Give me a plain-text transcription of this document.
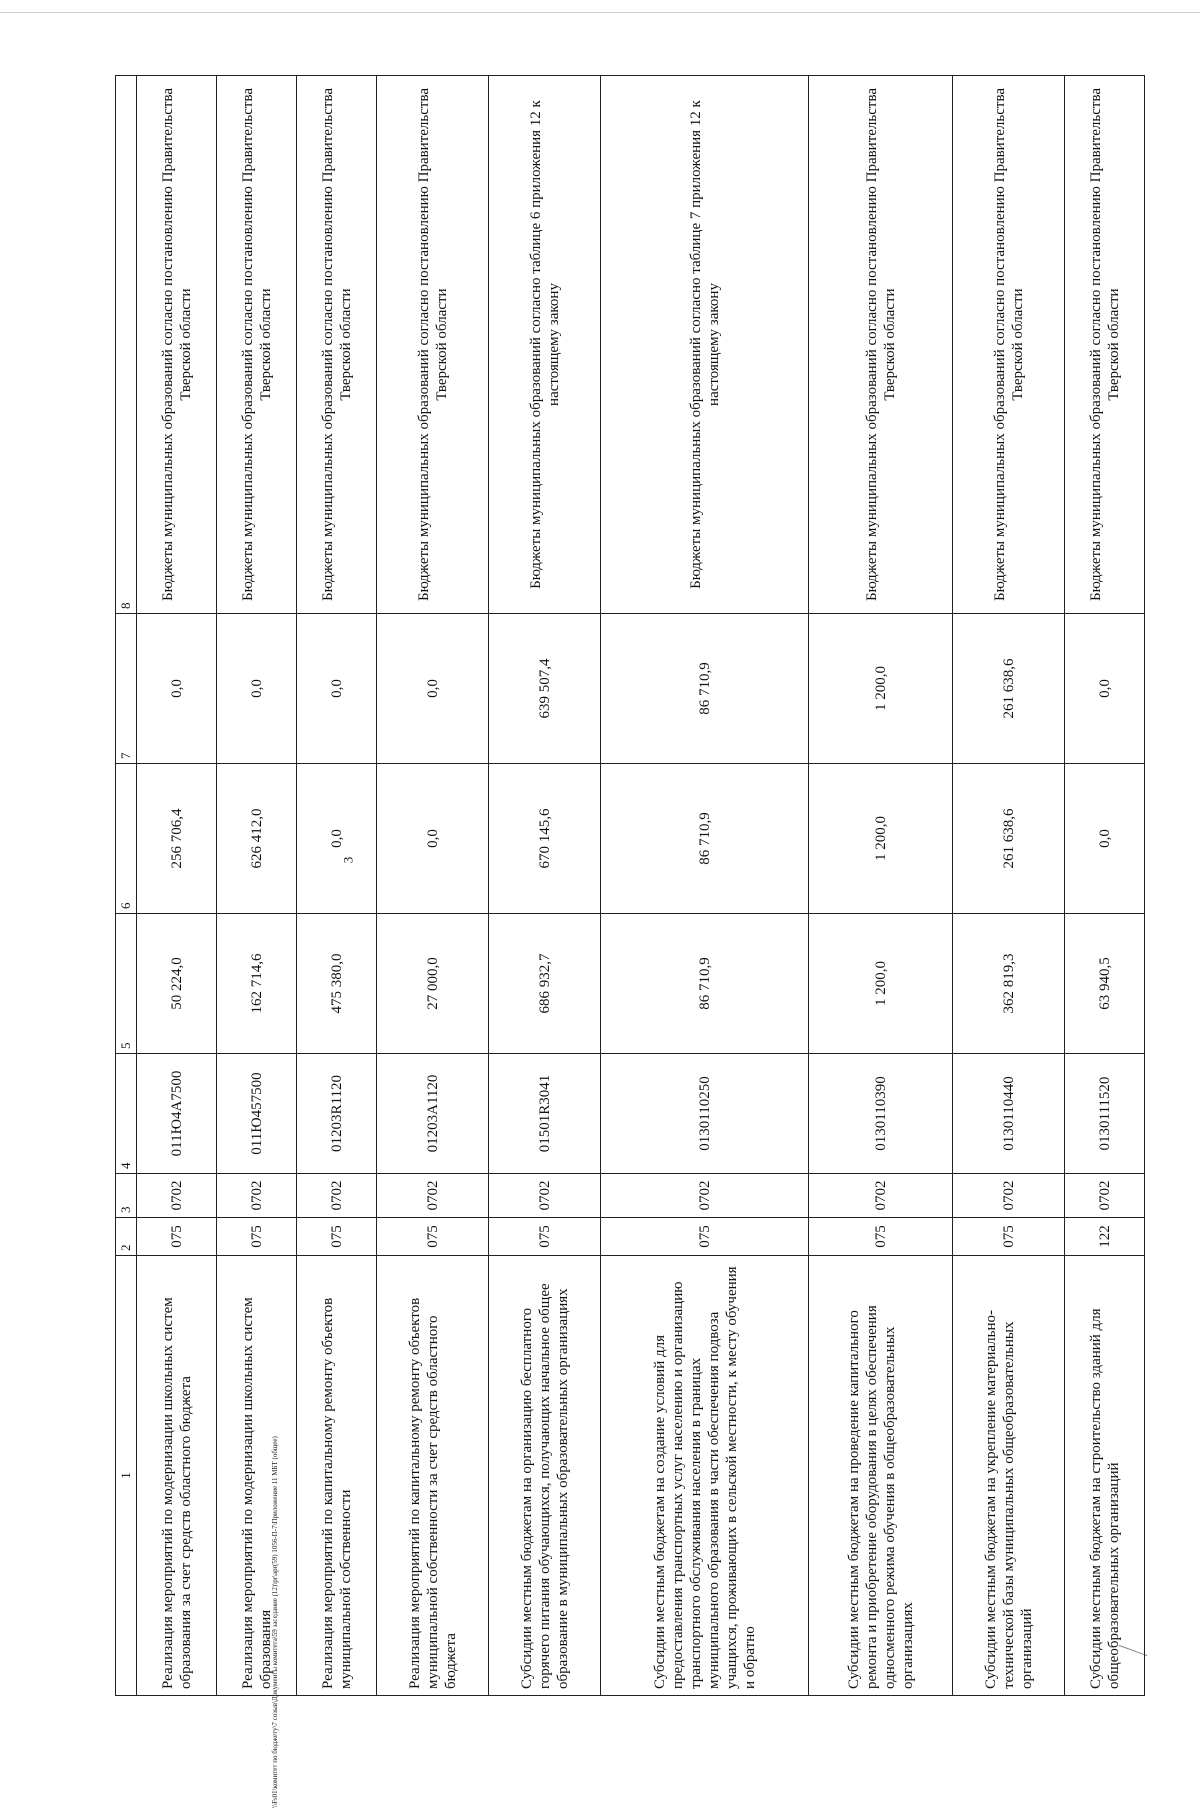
3
\\Fs01\комитет по бюджету\7 созыв\Документы комитета\59 заседание (12)\pr\apr(59) 1056-П-7\Приложение 11 МБТ (общее)
1	2	3	4	5	6	7	8
Реализация мероприятий по модернизации школьных систем образования за счет средств областного бюджета	075	0702	011Ю4А7500	50 224,0	256 706,4	0,0	Бюджеты муниципальных образований согласно постановлению Правительства Тверской области
Реализация мероприятий по модернизации школьных систем образования	075	0702	011Ю457500	162 714,6	626 412,0	0,0	Бюджеты муниципальных образований согласно постановлению Правительства Тверской области
Реализация мероприятий по капитальному ремонту объектов муниципальной собственности	075	0702	01203R1120	475 380,0	0,0	0,0	Бюджеты муниципальных образований согласно постановлению Правительства Тверской области
Реализация мероприятий по капитальному ремонту объектов муниципальной собственности за счет средств областного бюджета	075	0702	01203А1120	27 000,0	0,0	0,0	Бюджеты муниципальных образований согласно постановлению Правительства Тверской области
Субсидии местным бюджетам на организацию бесплатного горячего питания обучающихся, получающих начальное общее образование в муниципальных образовательных организациях	075	0702	01501R3041	686 932,7	670 145,6	639 507,4	Бюджеты муниципальных образований согласно таблице 6 приложения 12 к настоящему закону
Субсидии местным бюджетам на создание условий для предоставления транспортных услуг населению и организацию транспортного обслуживания населения в границах муниципального образования в части обеспечения подвоза учащихся, проживающих в сельской местности, к месту обучения и обратно	075	0702	0130110250	86 710,9	86 710,9	86 710,9	Бюджеты муниципальных образований согласно таблице 7 приложения 12 к настоящему закону
Субсидии местным бюджетам на проведение капитального ремонта и приобретение оборудования в целях обеспечения односменного режима обучения в общеобразовательных организациях	075	0702	0130110390	1 200,0	1 200,0	1 200,0	Бюджеты муниципальных образований согласно постановлению Правительства Тверской области
Субсидии местным бюджетам на укрепление материально-технической базы муниципальных общеобразовательных организаций	075	0702	0130110440	362 819,3	261 638,6	261 638,6	Бюджеты муниципальных образований согласно постановлению Правительства Тверской области
Субсидии местным бюджетам на строительство зданий для общеобразовательных организаций	122	0702	0130111520	63 940,5	0,0	0,0	Бюджеты муниципальных образований согласно постановлению Правительства Тверской области
